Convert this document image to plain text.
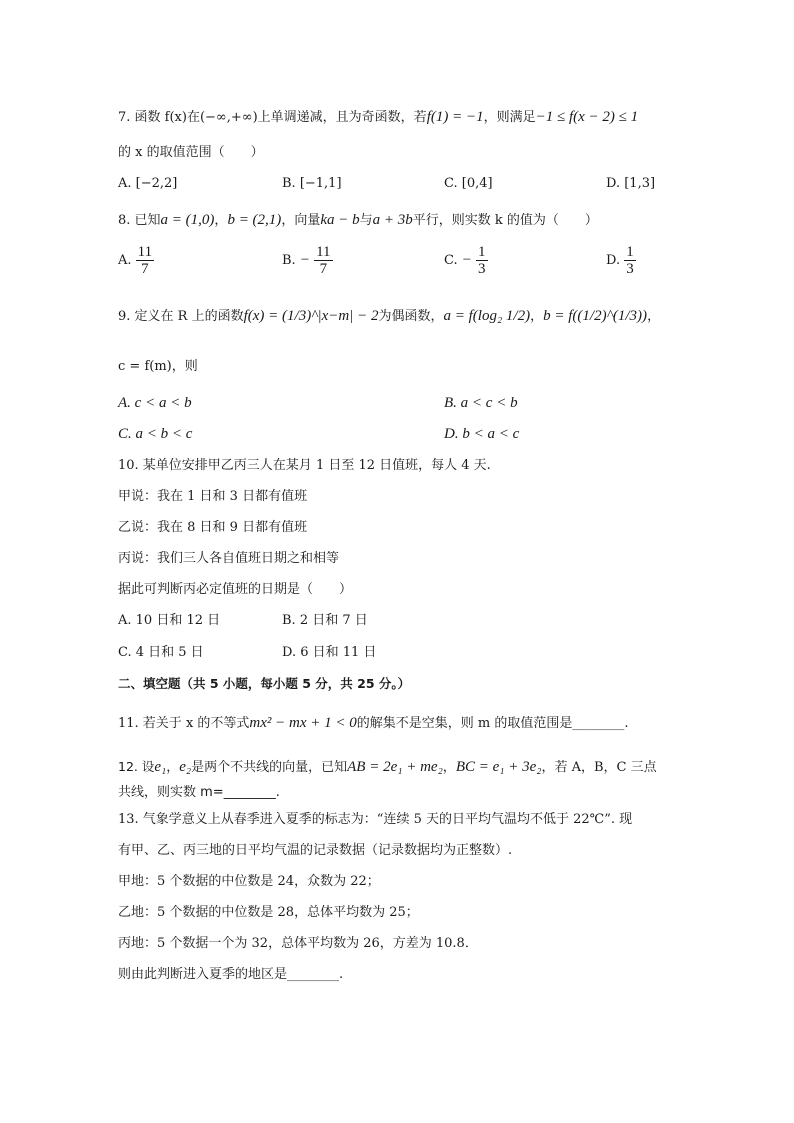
7. 函数 f(x)在(−∞,+∞)上单调递减，且为奇函数，若f(1) = −1，则满足−1 ≤ f(x − 2) ≤ 1
的 x 的取值范围（　　）
A. [−2,2]	B. [−1,1]	C. [0,4]	D. [1,3]
8. 已知a = (1,0)，b = (2,1)，向量ka − b与a + 3b平行，则实数 k 的值为（　　）
A. $\frac{11}{7}$	B. − $\frac{11}{7}$	C. − $\frac{1}{3}$	D. $\frac{1}{3}$
9. 定义在 R 上的函数f(x) = (1/3)^|x−m| − 2为偶函数，a = f(log₂ 1/2)，b = f((1/2)^(1/3))，
c = f(m)，则
A. c < a < b	B. a < c < b
C. a < b < c	D. b < a < c
10. 某单位安排甲乙丙三人在某月 1 日至 12 日值班，每人 4 天.
甲说：我在 1 日和 3 日都有值班
乙说：我在 8 日和 9 日都有值班
丙说：我们三人各自值班日期之和相等
据此可判断丙必定值班的日期是（　　）
A. 10 日和 12 日	B. 2 日和 7 日
C. 4 日和 5 日	D. 6 日和 11 日
二、填空题（共 5 小题，每小题 5 分，共 25 分。）
11. 若关于 x 的不等式mx² − mx + 1 < 0的解集不是空集，则 m 的取值范围是________.
12. 设e₁，e₂是两个不共线的向量，已知AB = 2e₁ + me₂，BC = e₁ + 3e₂，若 A，B，C 三点
共线，则实数 m=________.
13. 气象学意义上从春季进入夏季的标志为：“连续 5 天的日平均气温均不低于 22℃”. 现
有甲、乙、丙三地的日平均气温的记录数据（记录数据均为正整数）.
甲地：5 个数据的中位数是 24，众数为 22；
乙地：5 个数据的中位数是 28，总体平均数为 25；
丙地：5 个数据一个为 32，总体平均数为 26，方差为 10.8．
则由此判断进入夏季的地区是________.
